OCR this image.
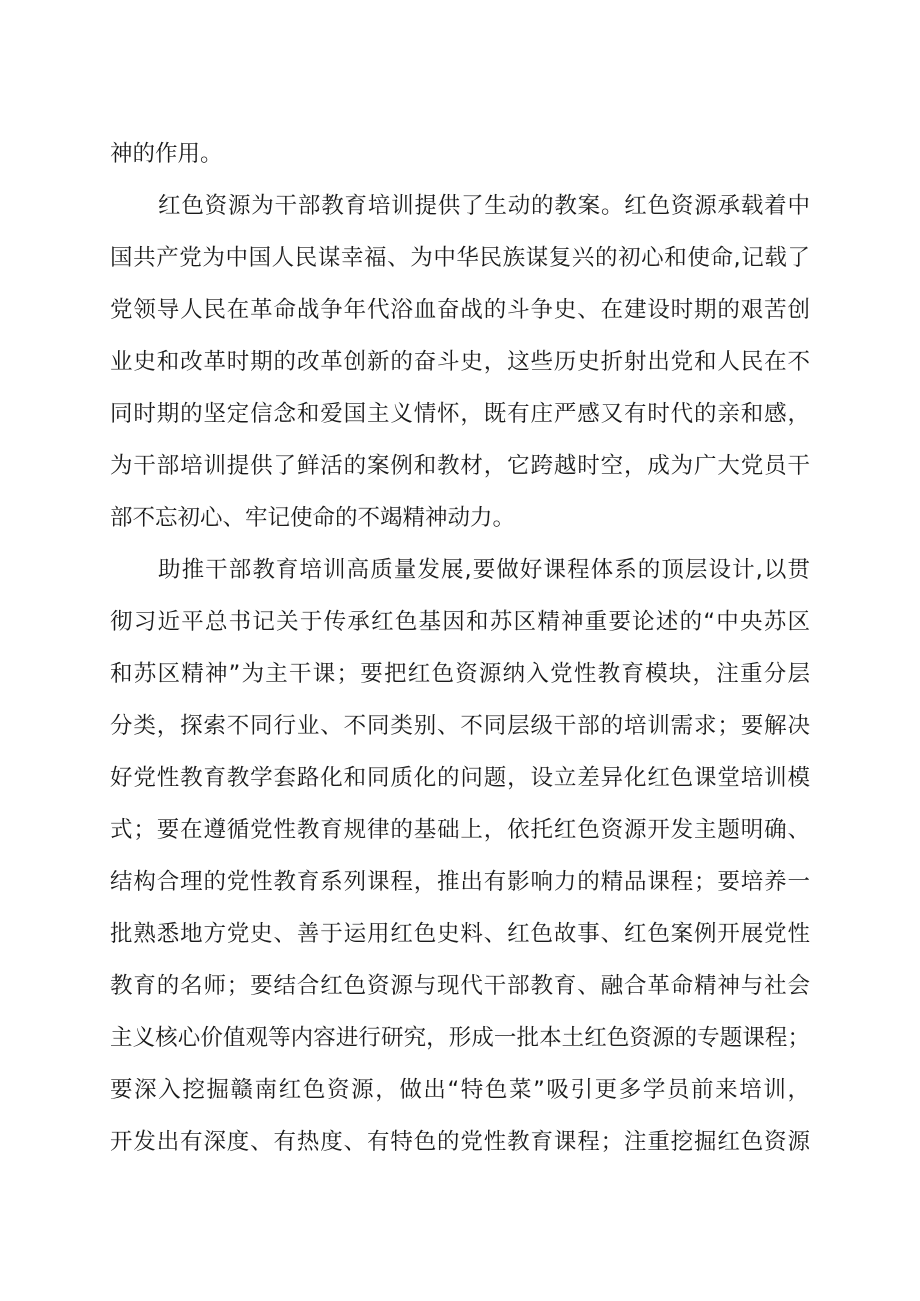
神的作用。
红色资源为干部教育培训提供了生动的教案。红色资源承载着中
国共产党为中国人民谋幸福、为中华民族谋复兴的初心和使命,记载了
党领导人民在革命战争年代浴血奋战的斗争史、在建设时期的艰苦创
业史和改革时期的改革创新的奋斗史，这些历史折射出党和人民在不
同时期的坚定信念和爱国主义情怀，既有庄严感又有时代的亲和感，
为干部培训提供了鲜活的案例和教材，它跨越时空，成为广大党员干
部不忘初心、牢记使命的不竭精神动力。
助推干部教育培训高质量发展,要做好课程体系的顶层设计,以贯
彻习近平总书记关于传承红色基因和苏区精神重要论述的“中央苏区
和苏区精神”为主干课；要把红色资源纳入党性教育模块，注重分层
分类，探索不同行业、不同类别、不同层级干部的培训需求；要解决
好党性教育教学套路化和同质化的问题，设立差异化红色课堂培训模
式；要在遵循党性教育规律的基础上，依托红色资源开发主题明确、
结构合理的党性教育系列课程，推出有影响力的精品课程；要培养一
批熟悉地方党史、善于运用红色史料、红色故事、红色案例开展党性
教育的名师；要结合红色资源与现代干部教育、融合革命精神与社会
主义核心价值观等内容进行研究，形成一批本土红色资源的专题课程；
要深入挖掘赣南红色资源，做出“特色菜”吸引更多学员前来培训，
开发出有深度、有热度、有特色的党性教育课程；注重挖掘红色资源
